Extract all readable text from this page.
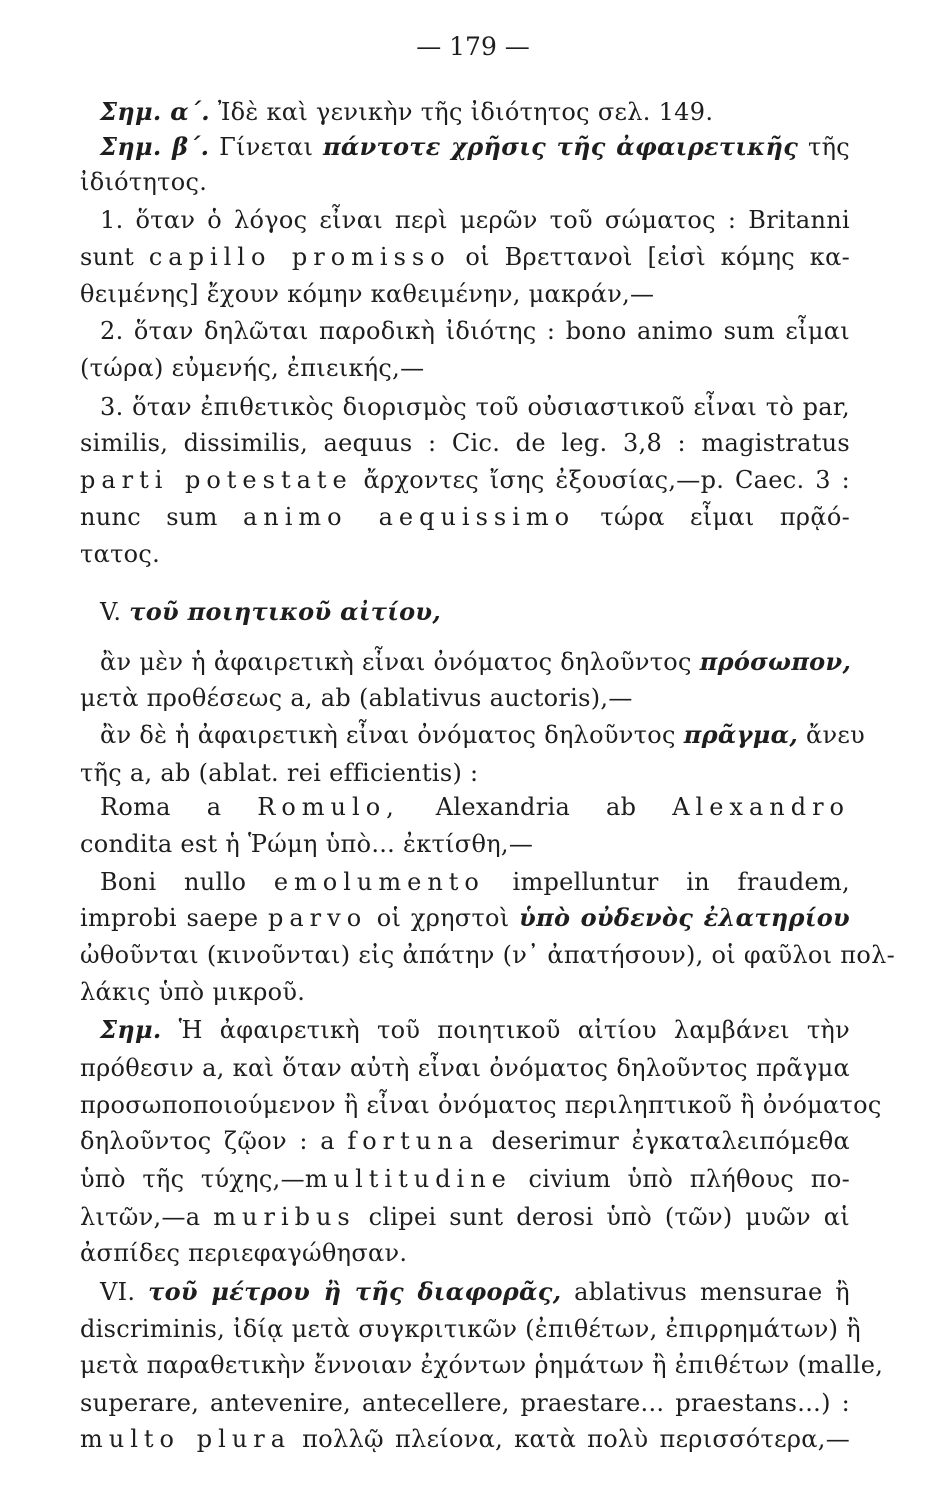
— 179 —
Σημ. α΄. Ἰδὲ καὶ γενικὴν τῆς ἰδιότητος σελ. 149.
Σημ. β΄. Γίνεται πάντοτε χρῆσις τῆς ἀφαιρετικῆς τῆς
ἰδιότητος.
1. ὅταν ὁ λόγος εἶναι περὶ μερῶν τοῦ σώματος : Britanni
sunt capillo promisso οἱ Βρεττανοὶ [εἰσὶ κόμης κα-
θειμένης] ἔχουν κόμην καθειμένην, μακράν,—
2. ὅταν δηλῶται παροδικὴ ἰδιότης : bono animo sum εἶμαι
(τώρα) εὐμενής, ἐπιεικής,—
3. ὅταν ἐπιθετικὸς διορισμὸς τοῦ οὐσιαστικοῦ εἶναι τὸ par,
similis, dissimilis, aequus : Cic. de leg. 3,8 : magistratus
parti potestate ἄρχοντες ἴσης ἐξουσίας,—p. Caec. 3 :
nunc sum animo aequissimo τώρα εἶμαι πρᾷό-
τατος.
V. τοῦ ποιητικοῦ αἰτίου,
ἂν μὲν ἡ ἀφαιρετικὴ εἶναι ὀνόματος δηλοῦντος πρόσωπον,
μετὰ προθέσεως a, ab (ablativus auctoris),—
ἂν δὲ ἡ ἀφαιρετικὴ εἶναι ὀνόματος δηλοῦντος πρᾶγμα, ἄνευ
τῆς a, ab (ablat. rei efficientis) :
Roma a Romulo, Alexandria ab Alexandro
condita est ἡ Ῥώμη ὑπὸ... ἐκτίσθη,—
Boni nullo emolumento impelluntur in fraudem,
improbi saepe parvo οἱ χρηστοὶ ὑπὸ οὐδενὸς ἐλατηρίου
ὠθοῦνται (κινοῦνται) εἰς ἀπάτην (ν᾿ ἀπατήσουν), οἱ φαῦλοι πολ-
λάκις ὑπὸ μικροῦ.
Σημ. Ἡ ἀφαιρετικὴ τοῦ ποιητικοῦ αἰτίου λαμβάνει τὴν
πρόθεσιν a, καὶ ὅταν αὐτὴ εἶναι ὀνόματος δηλοῦντος πρᾶγμα
προσωποποιούμενον ἢ εἶναι ὀνόματος περιληπτικοῦ ἢ ὀνόματος
δηλοῦντος ζῷον : a fortuna deserimur ἐγκαταλειπόμεθα
ὑπὸ τῆς τύχης,—multitudine civium ὑπὸ πλήθους πο-
λιτῶν,—a muribus clipei sunt derosi ὑπὸ (τῶν) μυῶν αἱ
ἀσπίδες περιεφαγώθησαν.
VI. τοῦ μέτρου ἢ τῆς διαφορᾶς, ablativus mensurae ἢ
discriminis, ἰδίᾳ μετὰ συγκριτικῶν (ἐπιθέτων, ἐπιρρημάτων) ἢ
μετὰ παραθετικὴν ἔννοιαν ἐχόντων ῥημάτων ἢ ἐπιθέτων (malle,
superare, antevenire, antecellere, praestare... praestans...) :
multo plura πολλῷ πλείονα, κατὰ πολὺ περισσότερα,—
